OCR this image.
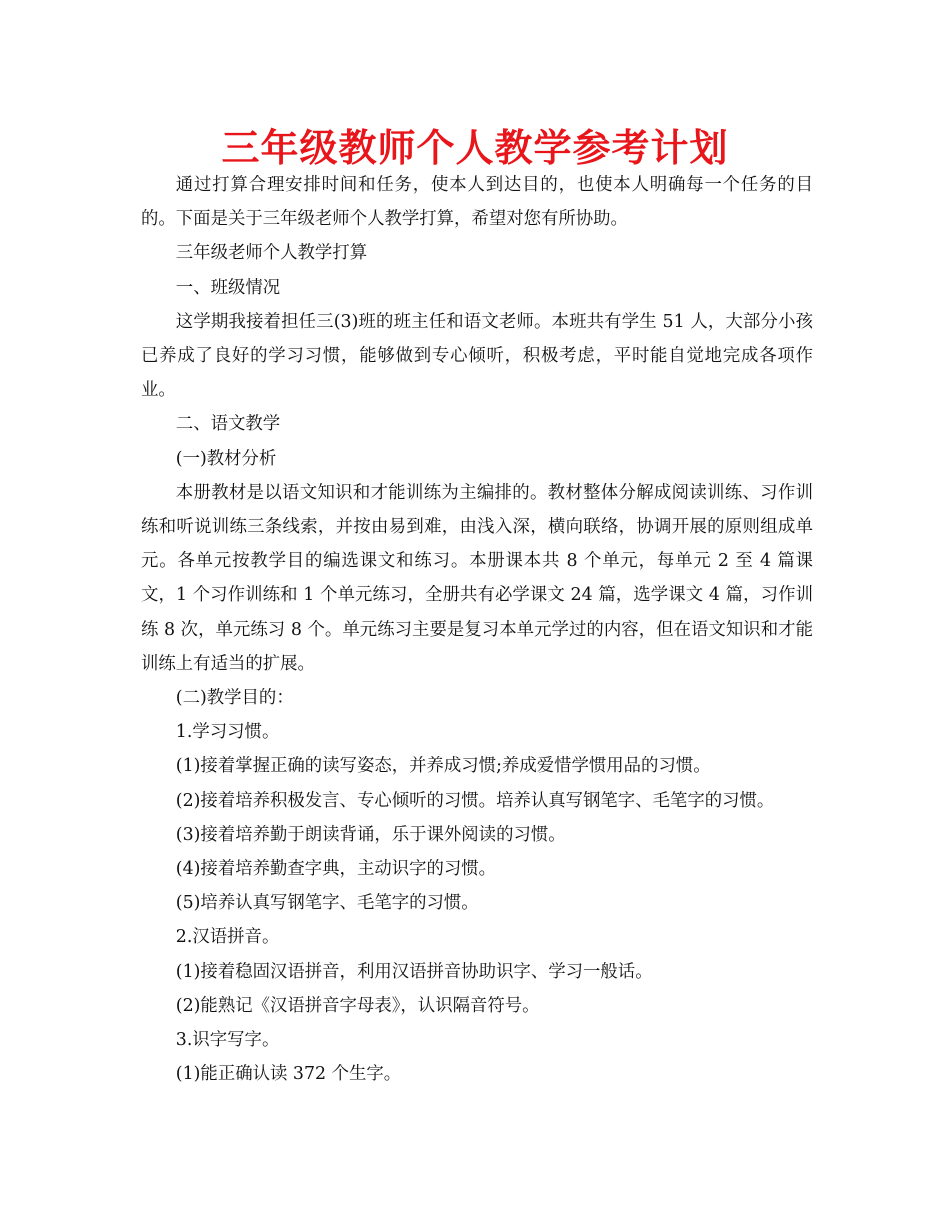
三年级教师个人教学参考计划

通过打算合理安排时间和任务，使本人到达目的，也使本人明确每一个任务的目的。下面是关于三年级老师个人教学打算，希望对您有所协助。

三年级老师个人教学打算

一、班级情况

这学期我接着担任三(3)班的班主任和语文老师。本班共有学生 51 人，大部分小孩已养成了良好的学习习惯，能够做到专心倾听，积极考虑，平时能自觉地完成各项作业。

二、语文教学

(一)教材分析

本册教材是以语文知识和才能训练为主编排的。教材整体分解成阅读训练、习作训练和听说训练三条线索，并按由易到难，由浅入深，横向联络，协调开展的原则组成单元。各单元按教学目的编选课文和练习。本册课本共 8 个单元，每单元 2 至 4 篇课文，1 个习作训练和 1 个单元练习，全册共有必学课文 24 篇，选学课文 4 篇，习作训练 8 次，单元练习 8 个。单元练习主要是复习本单元学过的内容，但在语文知识和才能训练上有适当的扩展。

(二)教学目的：

1.学习习惯。

(1)接着掌握正确的读写姿态，并养成习惯;养成爱惜学惯用品的习惯。

(2)接着培养积极发言、专心倾听的习惯。培养认真写钢笔字、毛笔字的习惯。

(3)接着培养勤于朗读背诵，乐于课外阅读的习惯。

(4)接着培养勤查字典，主动识字的习惯。

(5)培养认真写钢笔字、毛笔字的习惯。

2.汉语拼音。

(1)接着稳固汉语拼音，利用汉语拼音协助识字、学习一般话。

(2)能熟记《汉语拼音字母表》，认识隔音符号。

3.识字写字。

(1)能正确认读 372 个生字。
